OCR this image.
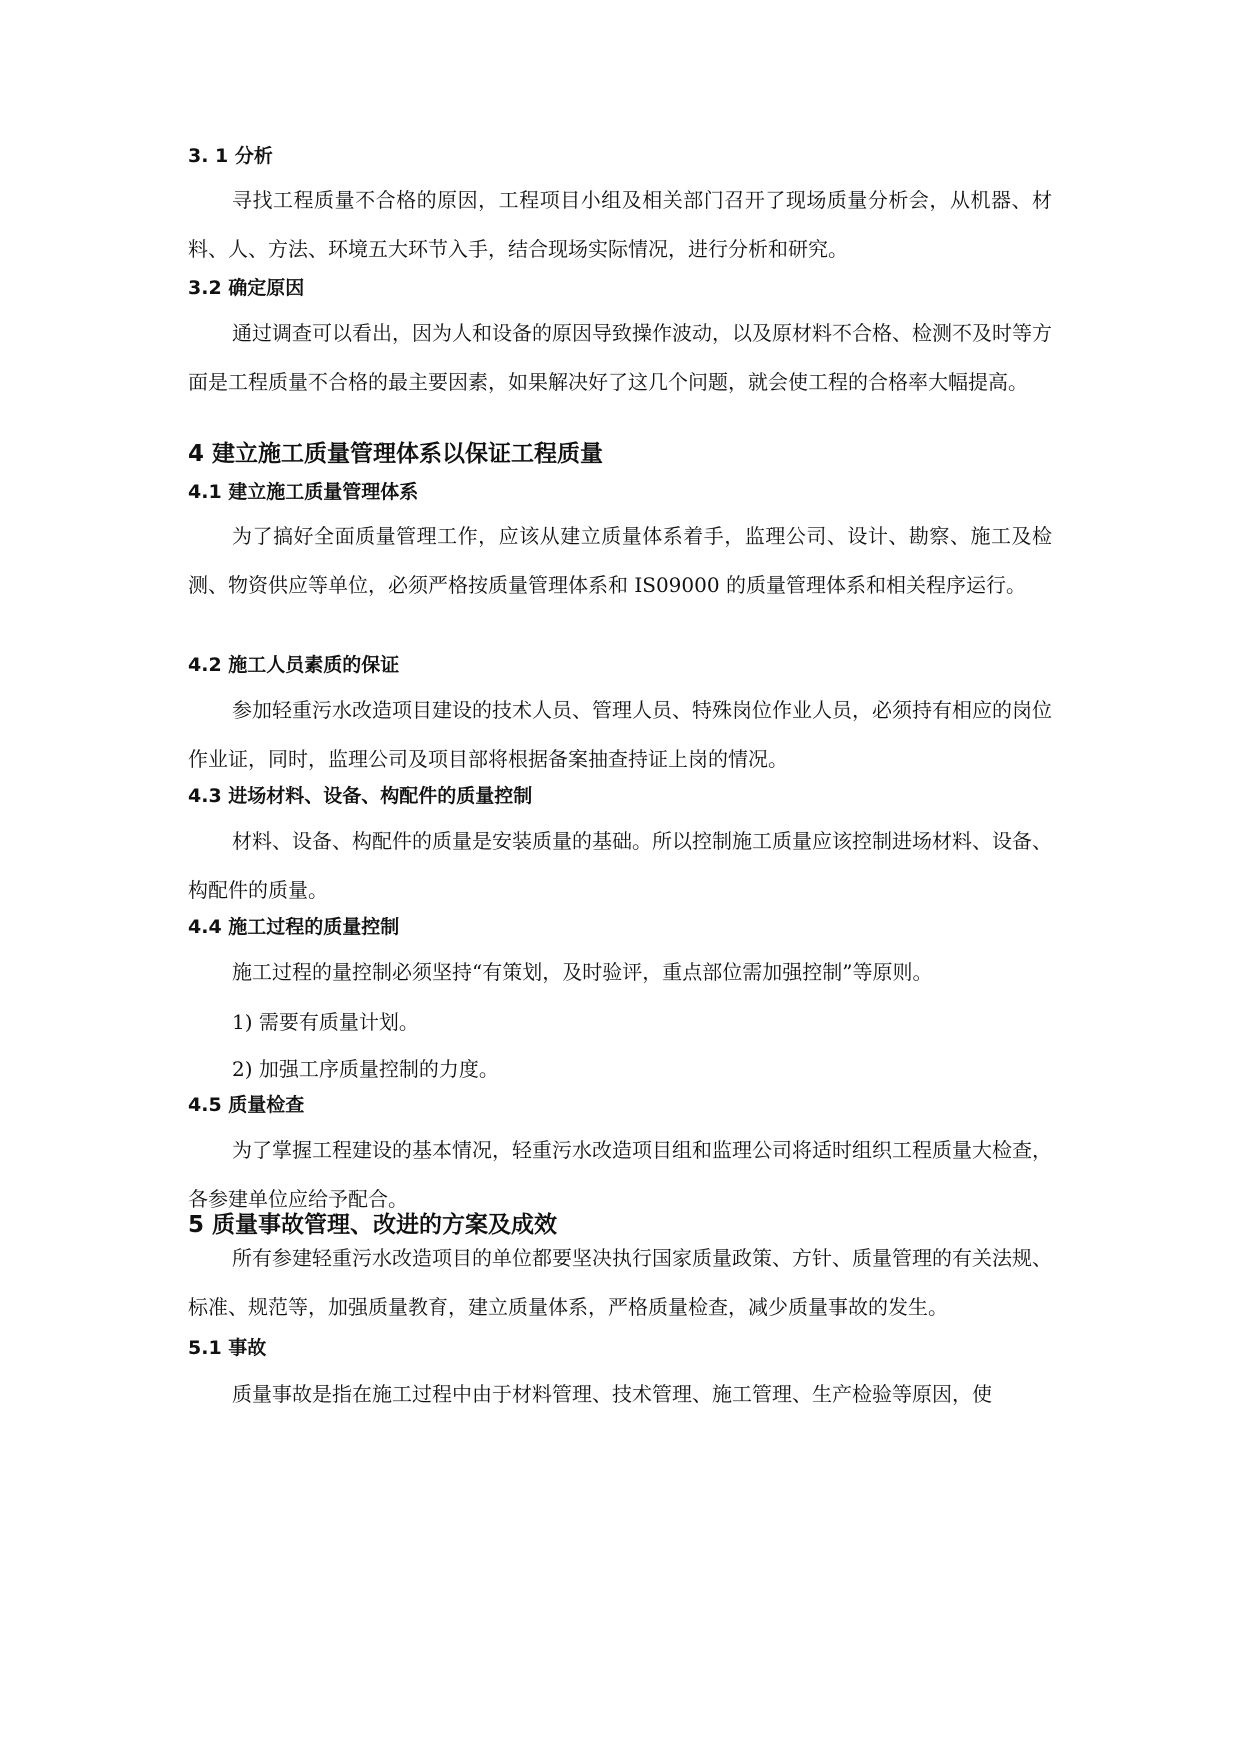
3. 1 分析

寻找工程质量不合格的原因，工程项目小组及相关部门召开了现场质量分析会，从机器、材料、人、方法、环境五大环节入手，结合现场实际情况，进行分析和研究。

3.2 确定原因

通过调查可以看出，因为人和设备的原因导致操作波动，以及原材料不合格、检测不及时等方面是工程质量不合格的最主要因素，如果解决好了这几个问题，就会使工程的合格率大幅提高。

4 建立施工质量管理体系以保证工程质量
4.1 建立施工质量管理体系

为了搞好全面质量管理工作，应该从建立质量体系着手，监理公司、设计、勘察、施工及检测、物资供应等单位，必须严格按质量管理体系和 IS09000 的质量管理体系和相关程序运行。

4.2 施工人员素质的保证

参加轻重污水改造项目建设的技术人员、管理人员、特殊岗位作业人员，必须持有相应的岗位作业证，同时，监理公司及项目部将根据备案抽查持证上岗的情况。

4.3 进场材料、设备、构配件的质量控制

材料、设备、构配件的质量是安装质量的基础。所以控制施工质量应该控制进场材料、设备、构配件的质量。

4.4 施工过程的质量控制

施工过程的量控制必须坚持“有策划，及时验评，重点部位需加强控制”等原则。

1) 需要有质量计划。

2) 加强工序质量控制的力度。

4.5 质量检查

为了掌握工程建设的基本情况，轻重污水改造项目组和监理公司将适时组织工程质量大检查，各参建单位应给予配合。

5 质量事故管理、改进的方案及成效

所有参建轻重污水改造项目的单位都要坚决执行国家质量政策、方针、质量管理的有关法规、标准、规范等，加强质量教育，建立质量体系，严格质量检查，减少质量事故的发生。

5.1 事故

质量事故是指在施工过程中由于材料管理、技术管理、施工管理、生产检验等原因，使
